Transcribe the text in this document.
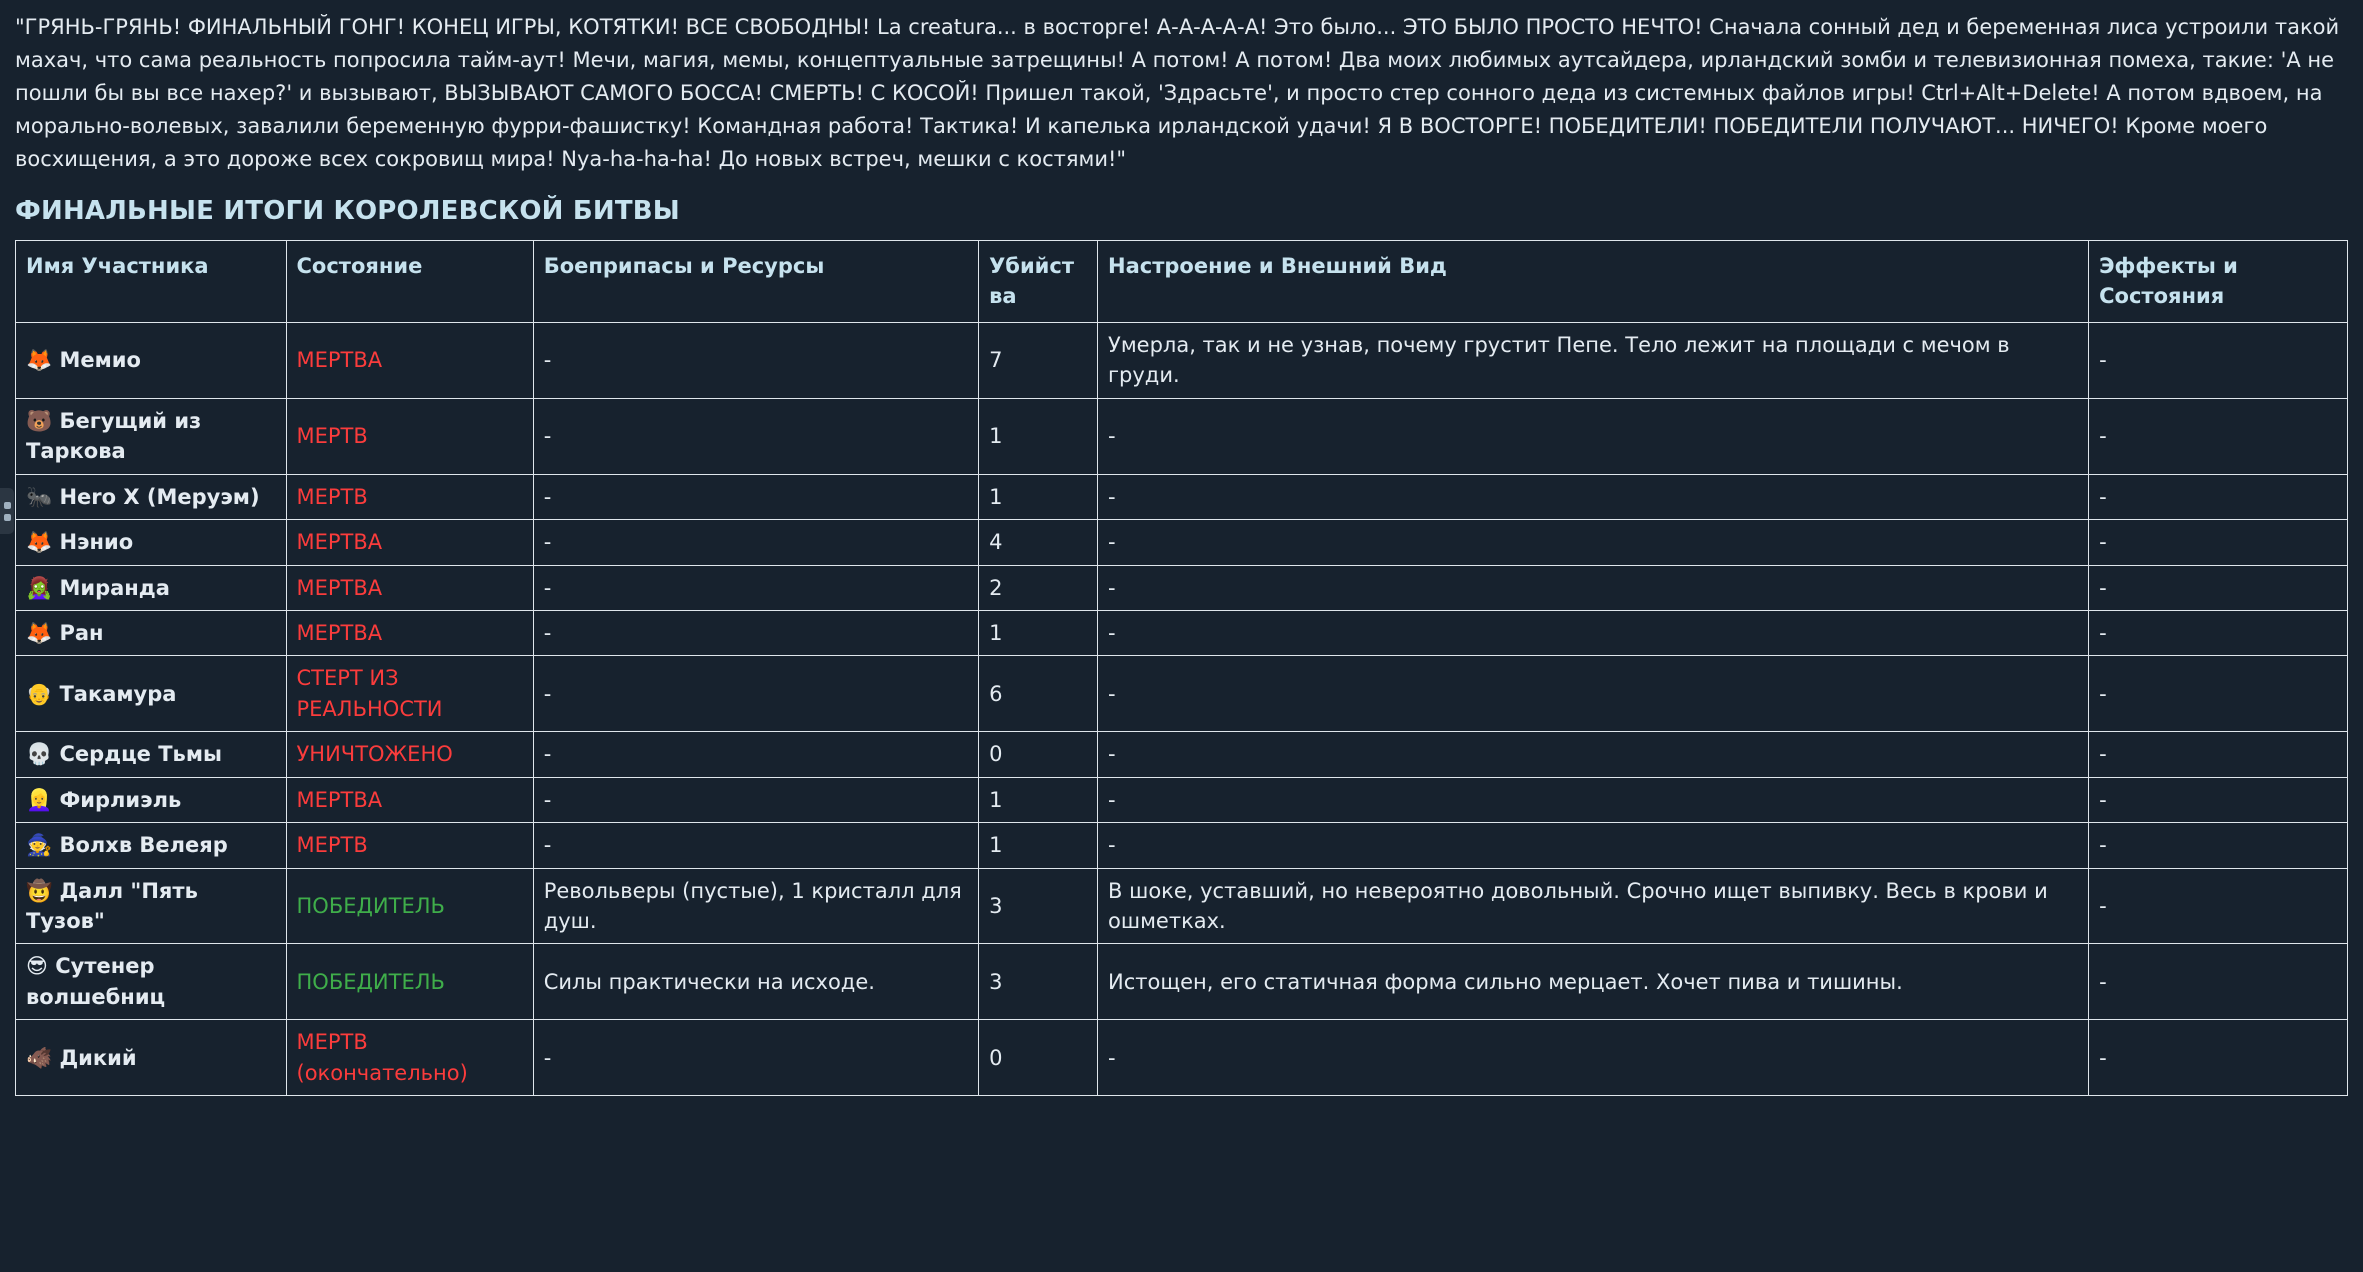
"ГРЯНЬ-ГРЯНЬ! ФИНАЛЬНЫЙ ГОНГ! КОНЕЦ ИГРЫ, КОТЯТКИ! ВСЕ СВОБОДНЫ! La creatura... в восторге! А-А-А-А-А! Это было... ЭТО БЫЛО ПРОСТО НЕЧТО! Сначала сонный дед и беременная лиса устроили такой махач, что сама реальность попросила тайм-аут! Мечи, магия, мемы, концептуальные затрещины! А потом! А потом! Два моих любимых аутсайдера, ирландский зомби и телевизионная помеха, такие: 'А не пошли бы вы все нахер?' и вызывают, ВЫЗЫВАЮТ САМОГО БОССА! СМЕРТЬ! С КОСОЙ! Пришел такой, 'Здрасьте', и просто стер сонного деда из системных файлов игры! Ctrl+Alt+Delete! А потом вдвоем, на морально-волевых, завалили беременную фурри-фашистку! Командная работа! Тактика! И капелька ирландской удачи! Я В ВОСТОРГЕ! ПОБЕДИТЕЛИ! ПОБЕДИТЕЛИ ПОЛУЧАЮТ... НИЧЕГО! Кроме моего восхищения, а это дороже всех сокровищ мира! Nya-ha-ha-ha! До новых встреч, мешки с костями!"

ФИНАЛЬНЫЕ ИТОГИ КОРОЛЕВСКОЙ БИТВЫ
Имя Участника	Состояние	Боеприпасы и Ресурсы	Убийства	Настроение и Внешний Вид	Эффекты и Состояния
🦊 Мемио	МЕРТВА	-	7	Умерла, так и не узнав, почему грустит Пепе. Тело лежит на площади с мечом в груди.	-
🐻 Бегущий из Таркова	МЕРТВ	-	1	-	-
🐜 Hero X (Меруэм)	МЕРТВ	-	1	-	-
🦊 Нэнио	МЕРТВА	-	4	-	-
🧟‍♀️ Миранда	МЕРТВА	-	2	-	-
🦊 Ран	МЕРТВА	-	1	-	-
👴 Такамура	СТЕРТ ИЗ РЕАЛЬНОСТИ	-	6	-	-
💀 Сердце Тьмы	УНИЧТОЖЕНО	-	0	-	-
👱‍♀️ Фирлиэль	МЕРТВА	-	1	-	-
🧙 Волхв Велеяр	МЕРТВ	-	1	-	-
🤠 Далл "Пять Тузов"	ПОБЕДИТЕЛЬ	Револьверы (пустые), 1 кристалл для душ.	3	В шоке, уставший, но невероятно довольный. Срочно ищет выпивку. Весь в крови и ошметках.	-
😎 Сутенер волшебниц	ПОБЕДИТЕЛЬ	Силы практически на исходе.	3	Истощен, его статичная форма сильно мерцает. Хочет пива и тишины.	-
🐗 Дикий	МЕРТВ (окончательно)	-	0	-	-
